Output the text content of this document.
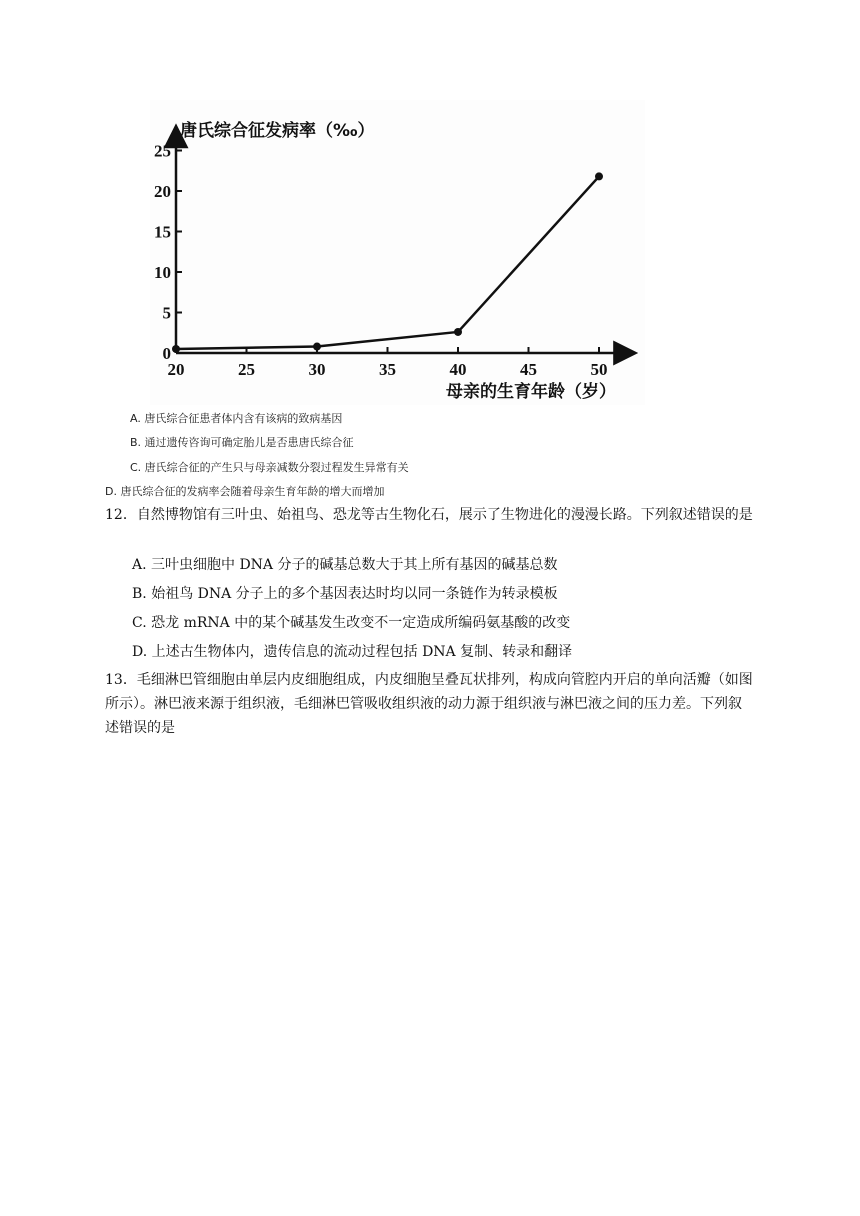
20	25	30	35	40	45	50
0
5
10
15
20
25
唐氏综合征发病率（‰）
母亲的生育年龄（岁）
A. 唐氏综合征患者体内含有该病的致病基因
B. 通过遗传咨询可确定胎儿是否患唐氏综合征
C. 唐氏综合征的产生只与母亲减数分裂过程发生异常有关
D. 唐氏综合征的发病率会随着母亲生育年龄的增大而增加
12．自然博物馆有三叶虫、始祖鸟、恐龙等古生物化石，展示了生物进化的漫漫长路。下列叙述错误的是
A. 三叶虫细胞中 DNA 分子的碱基总数大于其上所有基因的碱基总数
B. 始祖鸟 DNA 分子上的多个基因表达时均以同一条链作为转录模板
C. 恐龙 mRNA 中的某个碱基发生改变不一定造成所编码氨基酸的改变
D. 上述古生物体内，遗传信息的流动过程包括 DNA 复制、转录和翻译
13．毛细淋巴管细胞由单层内皮细胞组成，内皮细胞呈叠瓦状排列，构成向管腔内开启的单向活瓣（如图所示）。淋巴液来源于组织液，毛细淋巴管吸收组织液的动力源于组织液与淋巴液之间的压力差。下列叙述错误的是
